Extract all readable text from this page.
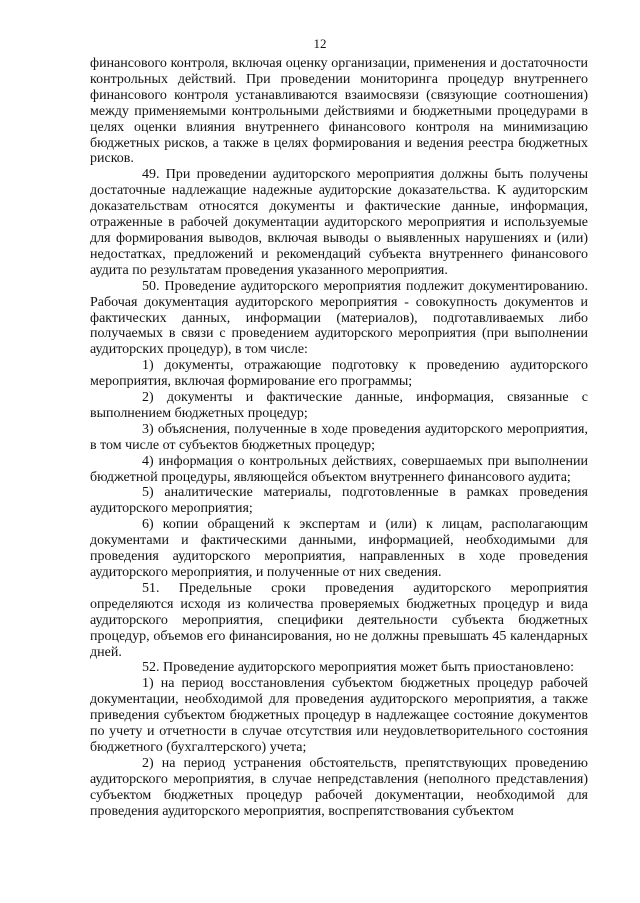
12

финансового контроля, включая оценку организации, применения и достаточности контрольных действий. При проведении мониторинга процедур внутреннего финансового контроля устанавливаются взаимосвязи (связующие соотношения) между применяемыми контрольными действиями и бюджетными процедурами в целях оценки влияния внутреннего финансового контроля на минимизацию бюджетных рисков, а также в целях формирования и ведения реестра бюджетных рисков.

49. При проведении аудиторского мероприятия должны быть получены достаточные надлежащие надежные аудиторские доказательства. К аудиторским доказательствам относятся документы и фактические данные, информация, отраженные в рабочей документации аудиторского мероприятия и используемые для формирования выводов, включая выводы о выявленных нарушениях и (или) недостатках, предложений и рекомендаций субъекта внутреннего финансового аудита по результатам проведения указанного мероприятия.

50. Проведение аудиторского мероприятия подлежит документированию. Рабочая документация аудиторского мероприятия - совокупность документов и фактических данных, информации (материалов), подготавливаемых либо получаемых в связи с проведением аудиторского мероприятия (при выполнении аудиторских процедур), в том числе:

1) документы, отражающие подготовку к проведению аудиторского мероприятия, включая формирование его программы;

2) документы и фактические данные, информация, связанные с выполнением бюджетных процедур;

3) объяснения, полученные в ходе проведения аудиторского мероприятия, в том числе от субъектов бюджетных процедур;

4) информация о контрольных действиях, совершаемых при выполнении бюджетной процедуры, являющейся объектом внутреннего финансового аудита;

5) аналитические материалы, подготовленные в рамках проведения аудиторского мероприятия;

6) копии обращений к экспертам и (или) к лицам, располагающим документами и фактическими данными, информацией, необходимыми для проведения аудиторского мероприятия, направленных в ходе проведения аудиторского мероприятия, и полученные от них сведения.

51. Предельные сроки проведения аудиторского мероприятия определяются исходя из количества проверяемых бюджетных процедур и вида аудиторского мероприятия, специфики деятельности субъекта бюджетных процедур, объемов его финансирования, но не должны превышать 45 календарных дней.

52. Проведение аудиторского мероприятия может быть приостановлено:

1) на период восстановления субъектом бюджетных процедур рабочей документации, необходимой для проведения аудиторского мероприятия, а также приведения субъектом бюджетных процедур в надлежащее состояние документов по учету и отчетности в случае отсутствия или неудовлетворительного состояния бюджетного (бухгалтерского) учета;

2) на период устранения обстоятельств, препятствующих проведению аудиторского мероприятия, в случае непредставления (неполного представления) субъектом бюджетных процедур рабочей документации, необходимой для проведения аудиторского мероприятия, воспрепятствования субъектом
